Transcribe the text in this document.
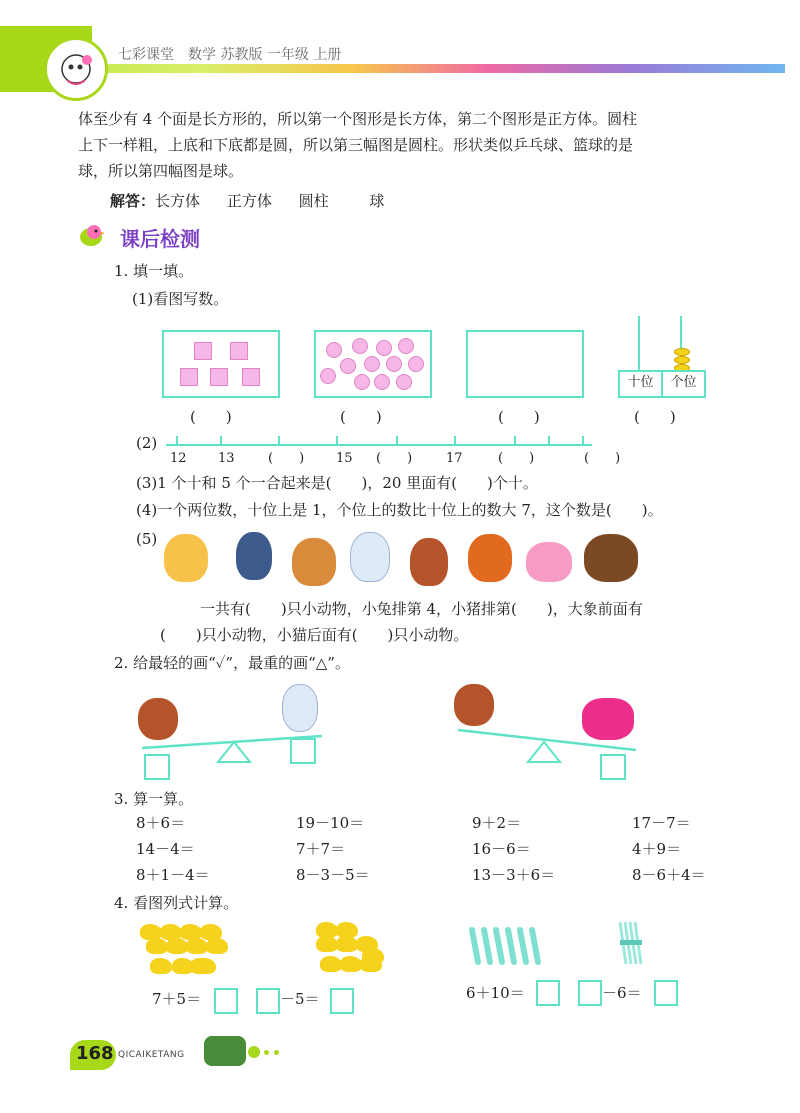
七彩课堂　数学 苏教版 一年级 上册
体至少有 4 个面是长方形的，所以第一个图形是长方体，第二个图形是正方体。圆柱
上下一样粗，上底和下底都是圆，所以第三幅图是圆柱。形状类似乒乓球、篮球的是
球，所以第四幅图是球。
解答：长方体 正方体 圆柱	球
课后检测
1. 填一填。
(1)看图写数。
十位	个位
(　　)	(　　)	(　　)	(　　)
(2)
12 13	(　　) 15 (　　)	17	(　　)	(　　)
(3)1 个十和 5 个一合起来是(　　)，20 里面有(　　)个十。
(4)一个两位数，十位上是 1，个位上的数比十位上的数大 7，这个数是(　　)。
(5)
一共有(　　)只小动物，小兔排第 4，小猪排第(　　)，大象前面有
(　　)只小动物，小猫后面有(　　)只小动物。
2. 给最轻的画“✓”，最重的画“△”。
3. 算一算。
8＋6＝	19－10＝	9＋2＝	17－7＝
14－4＝	7＋7＝	16－6＝	4＋9＝
8＋1－4＝	8－3－5＝	13－3＋6＝	8－6＋4＝
4. 看图列式计算。
7＋5＝	－5＝	6＋10＝	－6＝
168 QICAIKETANG
